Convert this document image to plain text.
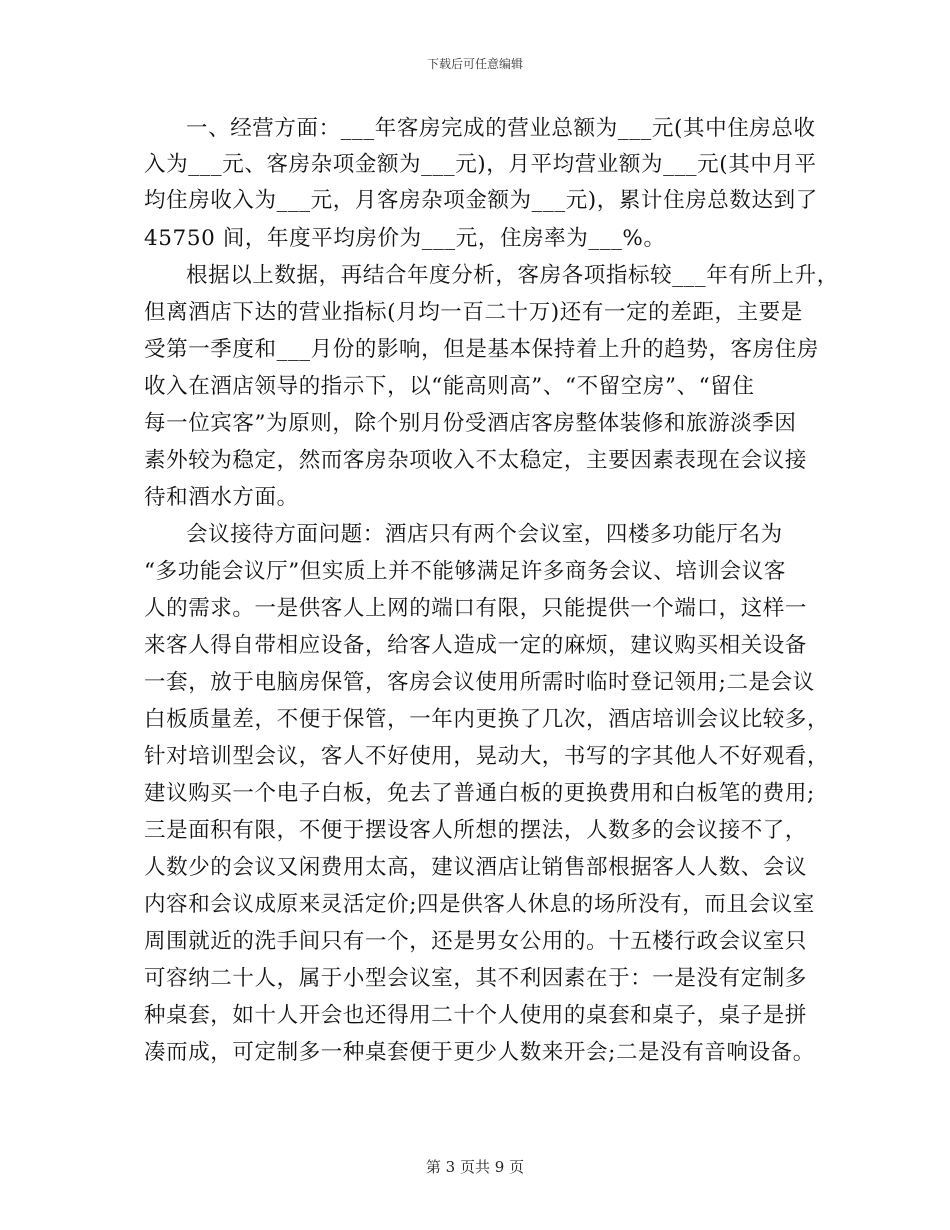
下载后可任意编辑
一、经营方面：___年客房完成的营业总额为___元(其中住房总收
入为___元、客房杂项金额为___元)，月平均营业额为___元(其中月平
均住房收入为___元，月客房杂项金额为___元)，累计住房总数达到了
45750 间，年度平均房价为___元，住房率为___%。
根据以上数据，再结合年度分析，客房各项指标较___年有所上升，
但离酒店下达的营业指标(月均一百二十万)还有一定的差距，主要是
受第一季度和___月份的影响，但是基本保持着上升的趋势，客房住房
收入在酒店领导的指示下，以“能高则高”、“不留空房”、“留住
每一位宾客”为原则，除个别月份受酒店客房整体装修和旅游淡季因
素外较为稳定，然而客房杂项收入不太稳定，主要因素表现在会议接
待和酒水方面。
会议接待方面问题：酒店只有两个会议室，四楼多功能厅名为
“多功能会议厅”但实质上并不能够满足许多商务会议、培训会议客
人的需求。一是供客人上网的端口有限，只能提供一个端口，这样一
来客人得自带相应设备，给客人造成一定的麻烦，建议购买相关设备
一套，放于电脑房保管，客房会议使用所需时临时登记领用;二是会议
白板质量差，不便于保管，一年内更换了几次，酒店培训会议比较多，
针对培训型会议，客人不好使用，晃动大，书写的字其他人不好观看，
建议购买一个电子白板，免去了普通白板的更换费用和白板笔的费用;
三是面积有限，不便于摆设客人所想的摆法，人数多的会议接不了，
人数少的会议又闲费用太高，建议酒店让销售部根据客人人数、会议
内容和会议成原来灵活定价;四是供客人休息的场所没有，而且会议室
周围就近的洗手间只有一个，还是男女公用的。十五楼行政会议室只
可容纳二十人，属于小型会议室，其不利因素在于：一是没有定制多
种桌套，如十人开会也还得用二十个人使用的桌套和桌子，桌子是拼
凑而成，可定制多一种桌套便于更少人数来开会;二是没有音响设备。
第 3 页共 9 页
